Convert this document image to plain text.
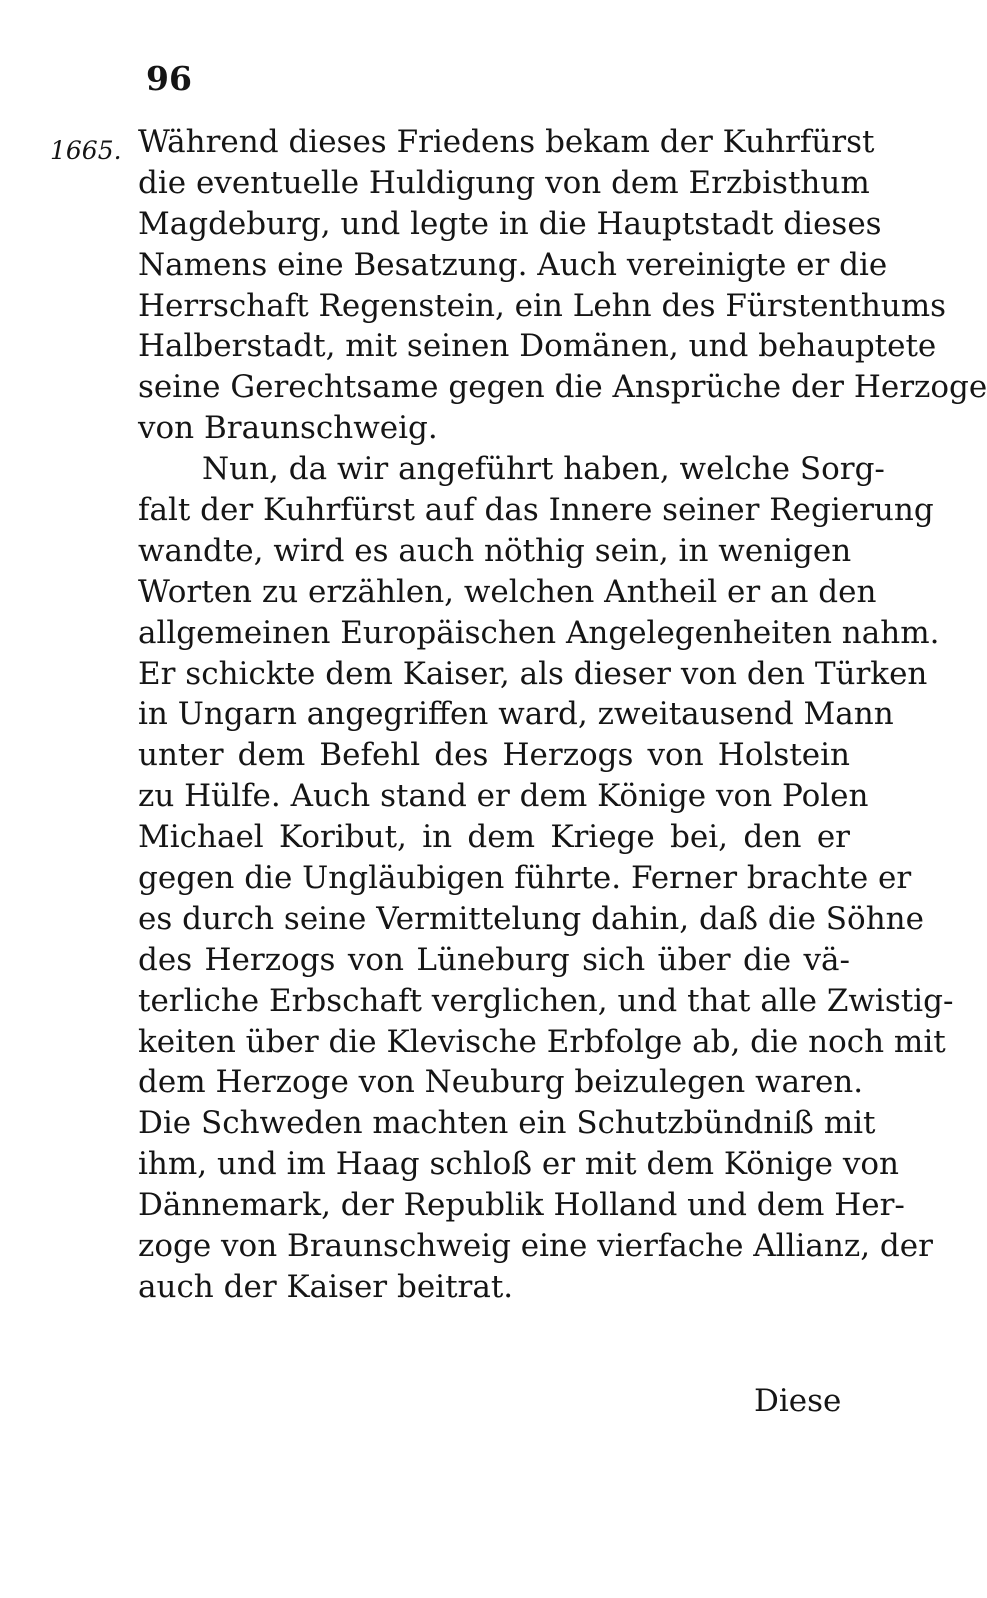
96
1665. Während dieses Friedens bekam der Kuhrfürst
die eventuelle Huldigung von dem Erzbisthum
Magdeburg, und legte in die Hauptstadt dieses
Namens eine Besatzung. Auch vereinigte er die
Herrschaft Regenstein, ein Lehn des Fürstenthums
Halberstadt, mit seinen Domänen, und behauptete
seine Gerechtsame gegen die Ansprüche der Herzoge
von Braunschweig.
Nun, da wir angeführt haben, welche Sorg-
falt der Kuhrfürst auf das Innere seiner Regierung
wandte, wird es auch nöthig sein, in wenigen
Worten zu erzählen, welchen Antheil er an den
allgemeinen Europäischen Angelegenheiten nahm.
Er schickte dem Kaiser, als dieser von den Türken
in Ungarn angegriffen ward, zweitausend Mann
unter dem Befehl des Herzogs von Holstein
zu Hülfe. Auch stand er dem Könige von Polen
Michael Koribut, in dem Kriege bei, den er
gegen die Ungläubigen führte. Ferner brachte er
es durch seine Vermittelung dahin, daß die Söhne
des Herzogs von Lüneburg sich über die vä-
terliche Erbschaft verglichen, und that alle Zwistig-
keiten über die Klevische Erbfolge ab, die noch mit
dem Herzoge von Neuburg beizulegen waren.
Die Schweden machten ein Schutzbündniß mit
ihm, und im Haag schloß er mit dem Könige von
Dännemark, der Republik Holland und dem Her-
zoge von Braunschweig eine vierfache Allianz, der
auch der Kaiser beitrat.
Diese
